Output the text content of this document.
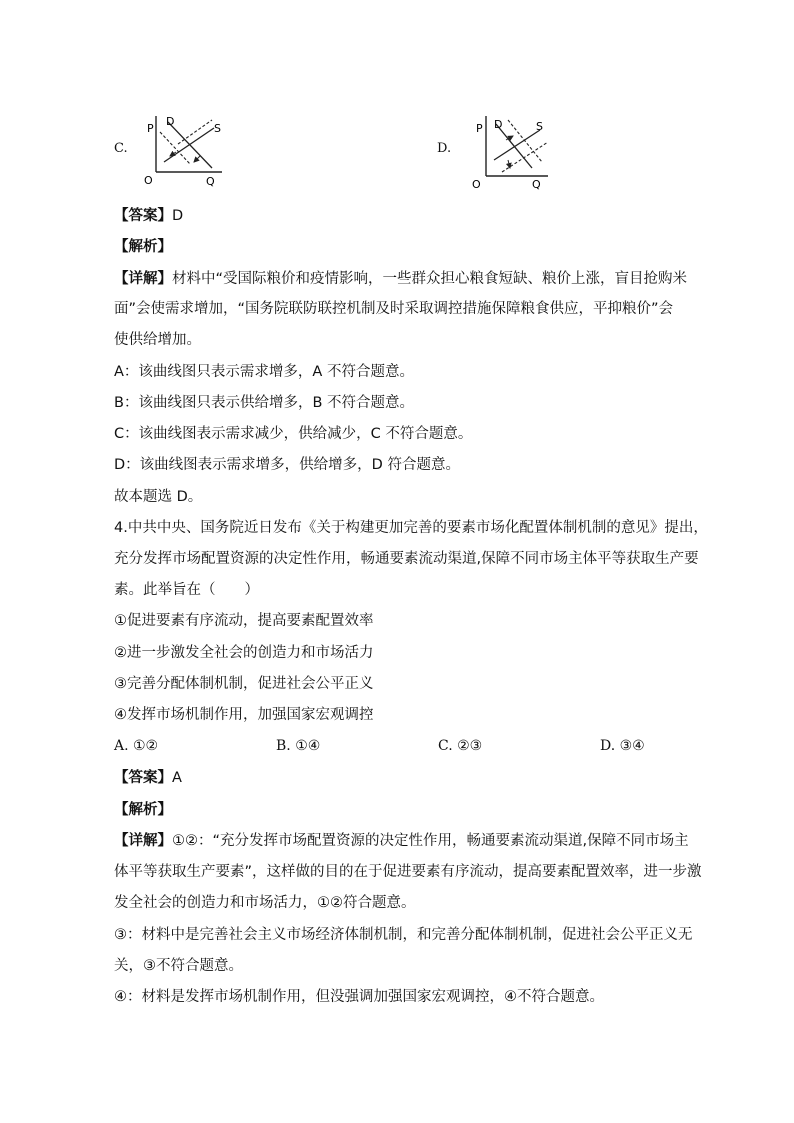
C.
P
D
S
O	Q
D.
P D	S
O	Q
【答案】D
【解析】
【详解】材料中“受国际粮价和疫情影响，一些群众担心粮食短缺、粮价上涨，盲目抢购米
面”会使需求增加，“国务院联防联控机制及时采取调控措施保障粮食供应，平抑粮价”会
使供给增加。
A：该曲线图只表示需求增多，A 不符合题意。
B：该曲线图只表示供给增多，B 不符合题意。
C：该曲线图表示需求减少，供给减少，C 不符合题意。
D：该曲线图表示需求增多，供给增多，D 符合题意。
故本题选 D。
4.中共中央、国务院近日发布《关于构建更加完善的要素市场化配置体制机制的意见》提出，
充分发挥市场配置资源的决定性作用，畅通要素流动渠道,保障不同市场主体平等获取生产要
素。此举旨在（　　）
①促进要素有序流动，提高要素配置效率
②进一步激发全社会的创造力和市场活力
③完善分配体制机制，促进社会公平正义
④发挥市场机制作用，加强国家宏观调控
A. ①②	B. ①④	C. ②③	D. ③④
【答案】A
【解析】
【详解】①②：“充分发挥市场配置资源的决定性作用，畅通要素流动渠道,保障不同市场主
体平等获取生产要素”，这样做的目的在于促进要素有序流动，提高要素配置效率，进一步激
发全社会的创造力和市场活力，①②符合题意。
③：材料中是完善社会主义市场经济体制机制，和完善分配体制机制，促进社会公平正义无
关，③不符合题意。
④：材料是发挥市场机制作用，但没强调加强国家宏观调控，④不符合题意。
